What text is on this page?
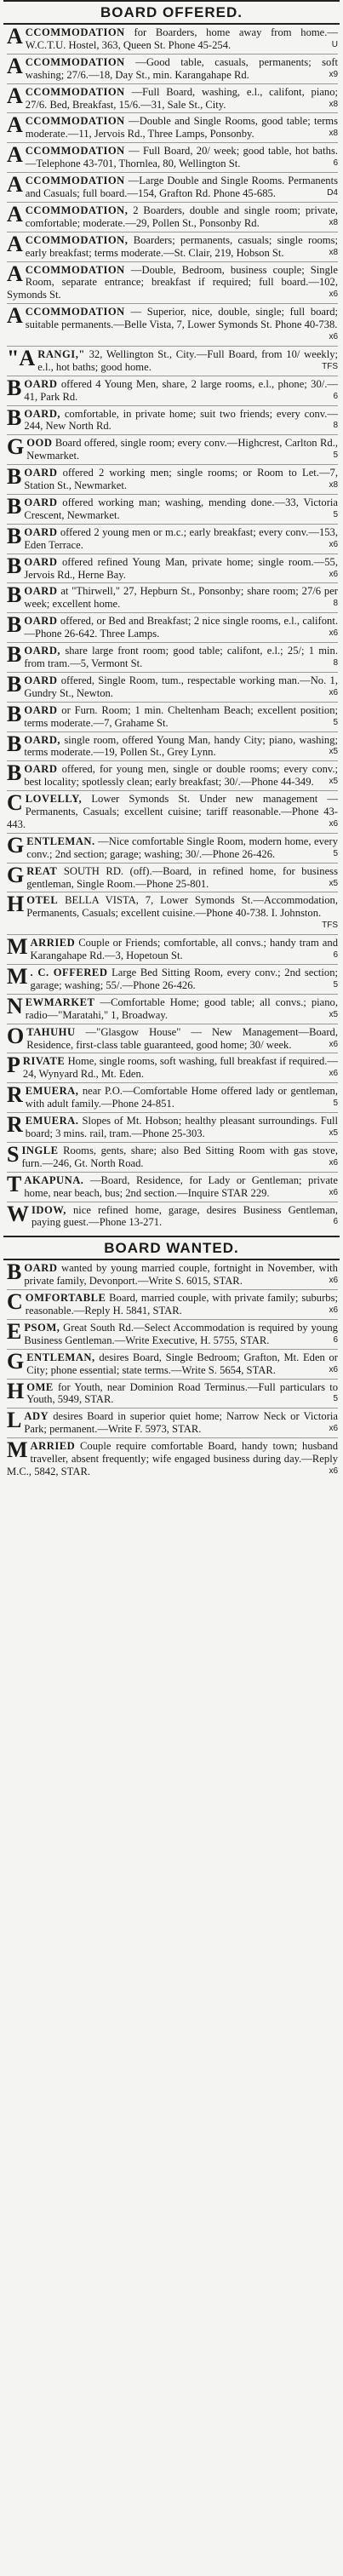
BOARD OFFERED.
ACCOMMODATION for Boarders, home away from home.—W.C.T.U. Hostel, 363, Queen St. Phone 45-254.	U
ACCOMMODATION —Good table, casuals, permanents; soft washing; 27/6.—18, Day St., min. Karangahape Rd.	x9
ACCOMMODATION —Full Board, washing, e.l., califont, piano; 27/6. Bed, Breakfast, 15/6.—31, Sale St., City.	x8
ACCOMMODATION —Double and Single Rooms, good table; terms moderate.—11, Jervois Rd., Three Lamps, Ponsonby.	x8
ACCOMMODATION — Full Board, 20/ week; good table, hot baths.—Telephone 43-701, Thornlea, 80, Wellington St.	6
ACCOMMODATION —Large Double and Single Rooms. Permanents and Casuals; full board.—154, Grafton Rd. Phone 45-685.	D4
ACCOMMODATION, 2 Boarders, double and single room; private, comfortable; moderate.—29, Pollen St., Ponsonby Rd.	x8
ACCOMMODATION, Boarders; permanents, casuals; single rooms; early breakfast; terms moderate.—St. Clair, 219, Hobson St.	x8
ACCOMMODATION —Double, Bedroom, business couple; Single Room, separate entrance; breakfast if required; full board.—102, Symonds St.	x6
ACCOMMODATION — Superior, nice, double, single; full board; suitable permanents.—Belle Vista, 7, Lower Symonds St. Phone 40-738.
x6
"ARANGI," 32, Wellington St., City.—Full Board, from 10/ weekly; e.l., hot baths; good home.	TFS
BOARD offered 4 Young Men, share, 2 large rooms, e.l., phone; 30/.—41, Park Rd.	6
BOARD, comfortable, in private home; suit two friends; every conv.—244, New North Rd.	8
GOOD Board offered, single room; every conv.—Highcrest, Carlton Rd., Newmarket.	5
BOARD offered 2 working men; single rooms; or Room to Let.—7, Station St., Newmarket.	x8
BOARD offered working man; washing, mending done.—33, Victoria Crescent, Newmarket.	5
BOARD offered 2 young men or m.c.; early breakfast; every conv.—153, Eden Terrace.	x6
BOARD offered refined Young Man, private home; single room.—55, Jervois Rd., Herne Bay.	x6
BOARD at "Thirwell," 27, Hepburn St., Ponsonby; share room; 27/6 per week; excellent home.	8
BOARD offered, or Bed and Breakfast; 2 nice single rooms, e.l., califont.—Phone 26-642. Three Lamps.	x6
BOARD, share large front room; good table; califont, e.l.; 25/; 1 min. from tram.—5, Vermont St.	8
BOARD offered, Single Room, tum., respectable working man.—No. 1, Gundry St., Newton.	x6
BOARD or Furn. Room; 1 min. Cheltenham Beach; excellent position; terms moderate.—7, Grahame St.	5
BOARD, single room, offered Young Man, handy City; piano, washing; terms moderate.—19, Pollen St., Grey Lynn.	x5
BOARD offered, for young men, single or double rooms; every conv.; best locality; spotlessly clean; early breakfast; 30/.—Phone 44-349. x5
CLOVELLY, Lower Symonds St. Under new management — Permanents, Casuals; excellent cuisine; tariff reasonable.—Phone 43-443.	x6
GENTLEMAN. —Nice comfortable Single Room, modern home, every conv.; 2nd section; garage; washing; 30/.—Phone 26-426.	5
GREAT SOUTH RD. (off).—Board, in refined home, for business gentleman, Single Room.—Phone 25-801.	x5
HOTEL BELLA VISTA, 7, Lower Symonds St.—Accommodation, Permanents, Casuals; excellent cuisine.—Phone 40-738. I. Johnston.
TFS
MARRIED Couple or Friends; comfortable, all convs.; handy tram and Karangahape Rd.—3, Hopetoun St.	6
M . C. OFFERED Large Bed Sitting Room, every conv.; 2nd section; garage; washing; 55/.—Phone 26-426.	5
NEWMARKET —Comfortable Home; good table; all convs.; piano, radio—"Maratahi," 1, Broadway.	x5
OTAHUHU —"Glasgow House" — New Management—Board, Residence, first-class table guaranteed, good home; 30/ week.	x6
PRIVATE Home, single rooms, soft washing, full breakfast if required.—24, Wynyard Rd., Mt. Eden.	x6
REMUERA, near P.O.—Comfortable Home offered lady or gentleman, with adult family.—Phone 24-851.	5
REMUERA. Slopes of Mt. Hobson; healthy pleasant surroundings. Full board; 3 mins. rail, tram.—Phone 25-303.	x5
SINGLE Rooms, gents, share; also Bed Sitting Room with gas stove, furn.—246, Gt. North Road.	x6
TAKAPUNA. —Board, Residence, for Lady or Gentleman; private home, near beach, bus; 2nd section.—Inquire STAR 229.	x6
WIDOW, nice refined home, garage, desires Business Gentleman, paying guest.—Phone 13-271.	6
BOARD WANTED.
BOARD wanted by young married couple, fortnight in November, with private family, Devonport.—Write S. 6015, STAR.	x6
COMFORTABLE Board, married couple, with private family; suburbs; reasonable.—Reply H. 5841, STAR.	x6
EPSOM, Great South Rd.—Select Accommodation is required by young Business Gentleman.—Write Executive, H. 5755, STAR.	6
GENTLEMAN, desires Board, Single Bedroom; Grafton, Mt. Eden or City; phone essential; state terms.—Write S. 5654, STAR.	x6
HOME for Youth, near Dominion Road Terminus.—Full particulars to Youth, 5949, STAR.	5
LADY desires Board in superior quiet home; Narrow Neck or Victoria Park; permanent.—Write F. 5973, STAR.	x6
MARRIED Couple require comfortable Board, handy town; husband traveller, absent frequently; wife engaged business during day.—Reply M.C., 5842, STAR.	x6
